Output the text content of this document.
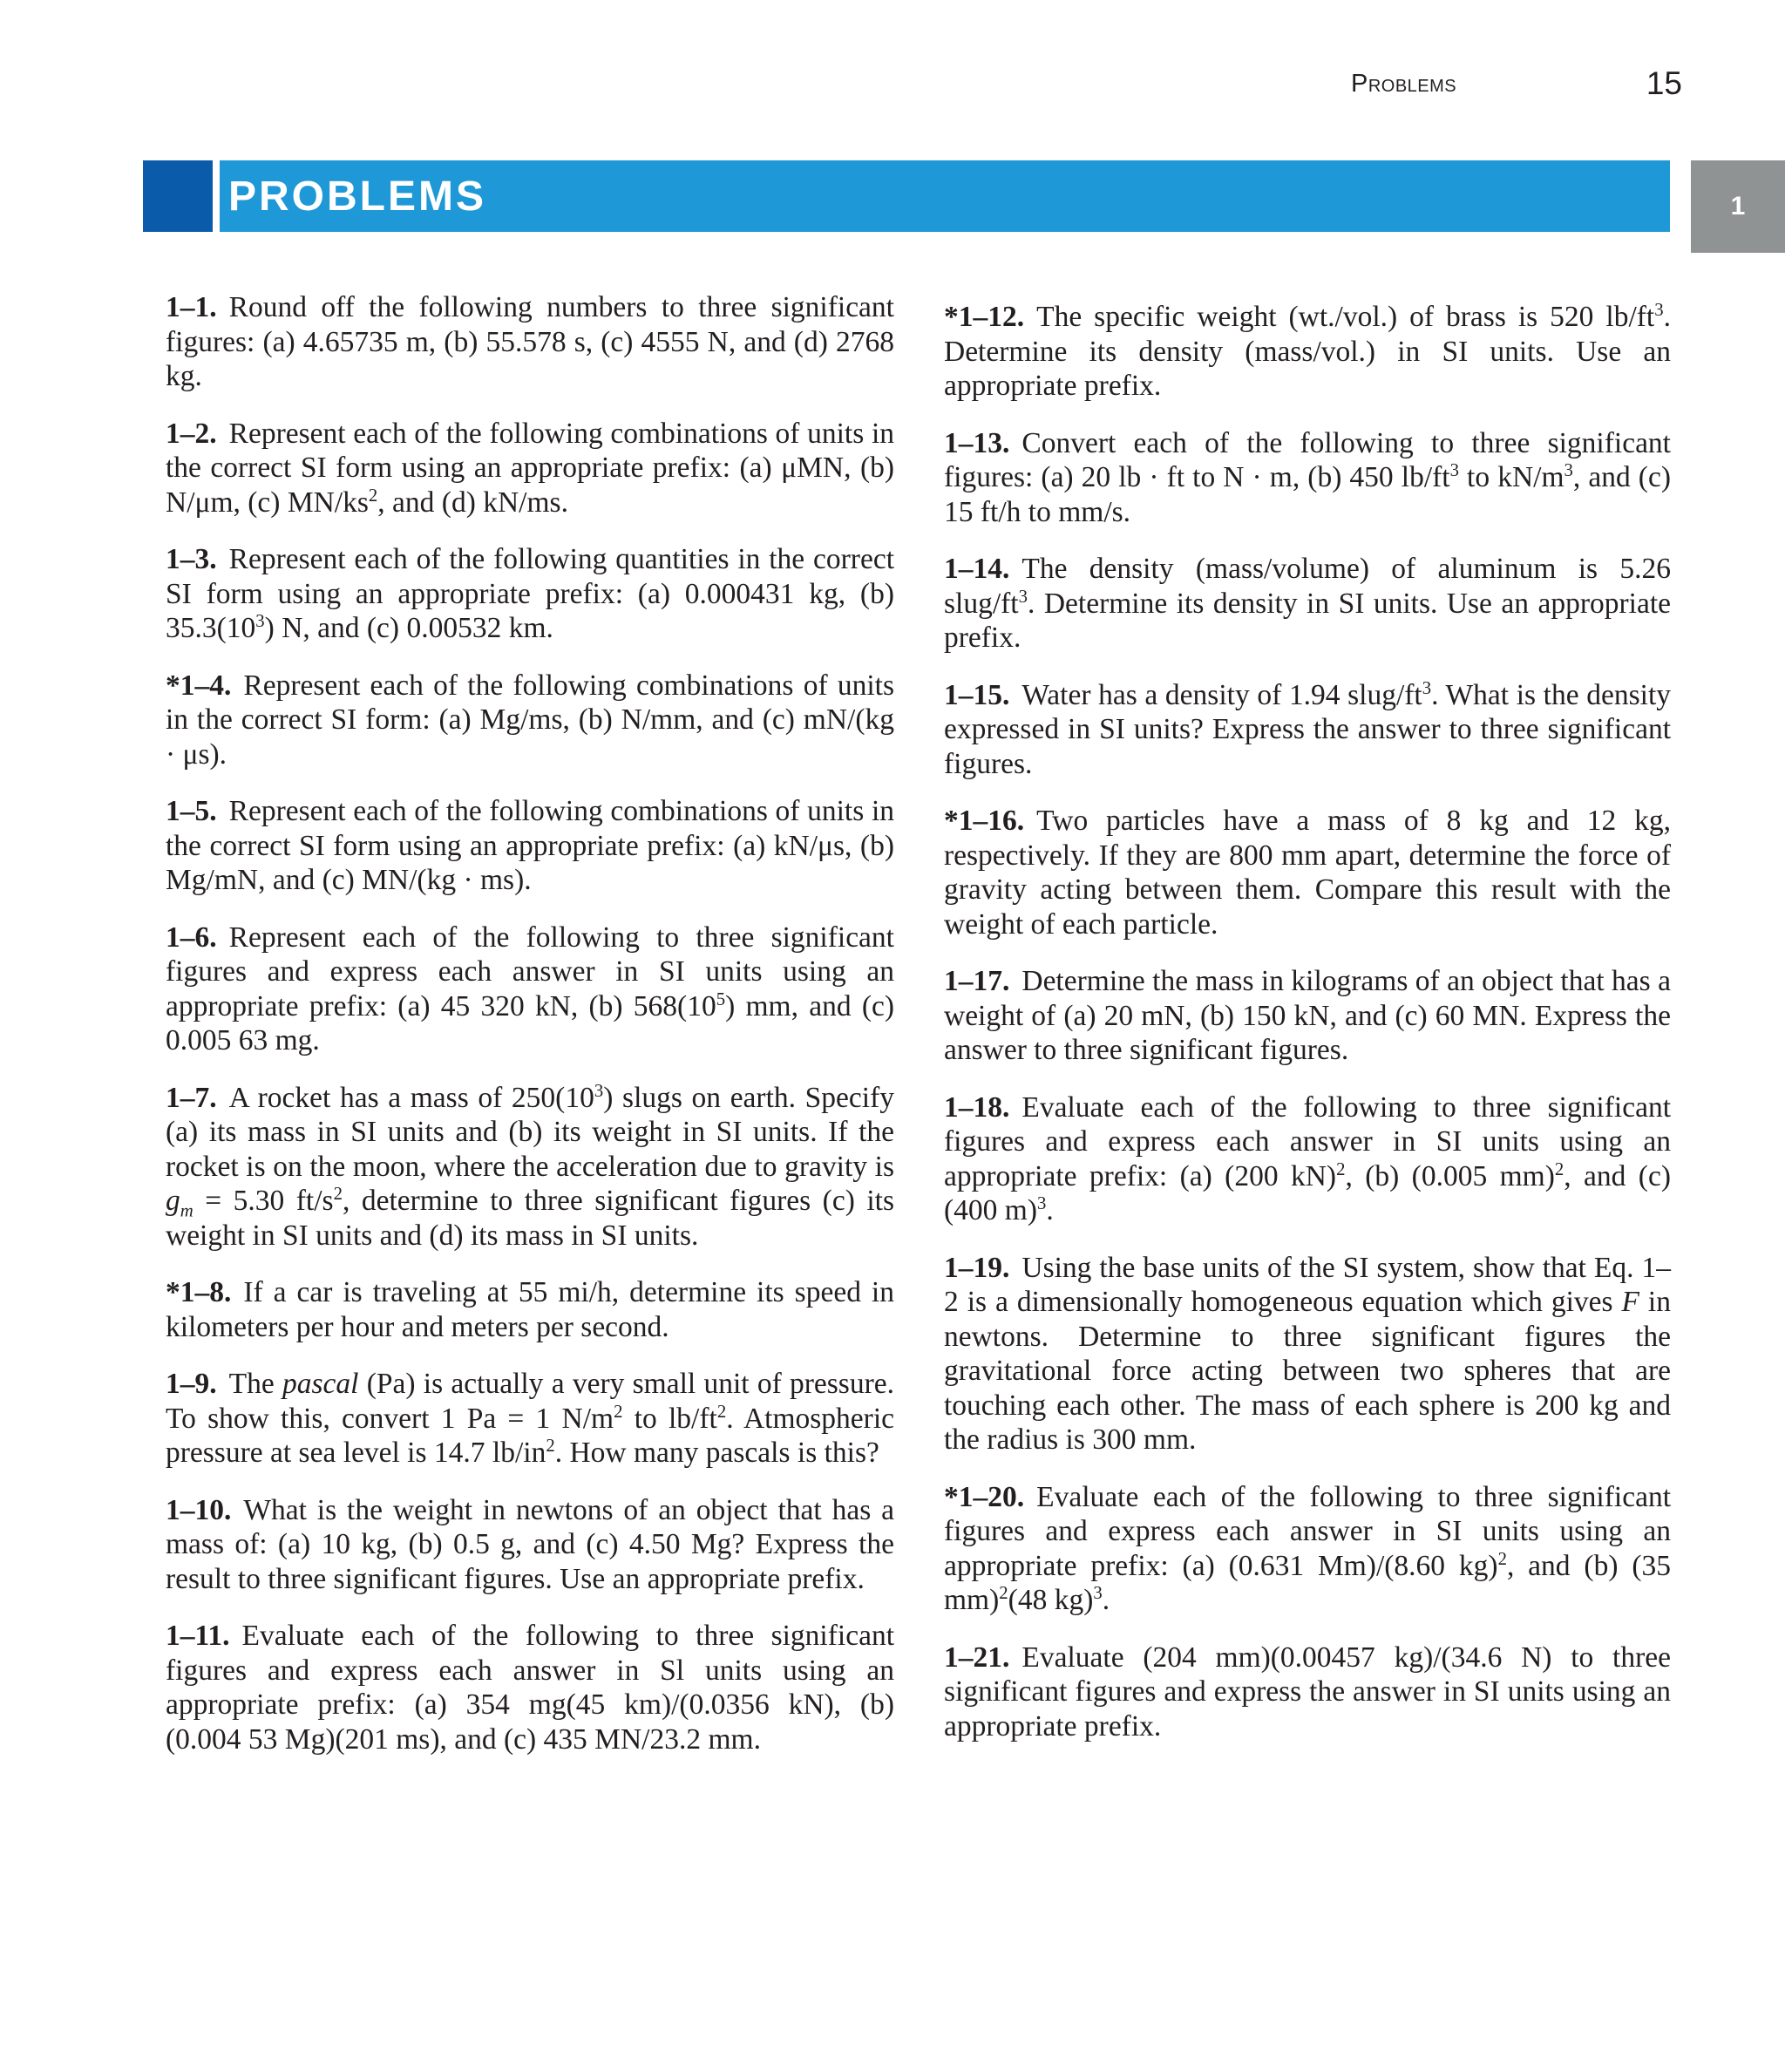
Problems	15
PROBLEMS	1

1–1. Round off the following numbers to three significant figures: (a) 4.65735 m, (b) 55.578 s, (c) 4555 N, and (d) 2768 kg.

1–2. Represent each of the following combinations of units in the correct SI form using an appropriate prefix: (a) μMN, (b) N/μm, (c) $MN/ks^2$, and (d) kN/ms.

1–3. Represent each of the following quantities in the correct SI form using an appropriate prefix: (a) 0.000431 kg, (b) $35.3(10^3)$ N, and (c) 0.00532 km.

*1–4. Represent each of the following combinations of units in the correct SI form: (a) Mg/ms, (b) N/mm, and (c) mN/(kg · μs).

1–5. Represent each of the following combinations of units in the correct SI form using an appropriate prefix: (a) kN/μs, (b) Mg/mN, and (c) MN/(kg · ms).

1–6. Represent each of the following to three significant figures and express each answer in SI units using an appropriate prefix: (a) 45 320 kN, (b) $568(10^5)$ mm, and (c) 0.005 63 mg.

1–7. A rocket has a mass of $250(10^3)$ slugs on earth. Specify (a) its mass in SI units and (b) its weight in SI units. If the rocket is on the moon, where the acceleration due to gravity is $g_m = 5.30$ $ft/s^2$, determine to three significant figures (c) its weight in SI units and (d) its mass in SI units.

*1–8. If a car is traveling at 55 mi/h, determine its speed in kilometers per hour and meters per second.

1–9. The pascal (Pa) is actually a very small unit of pressure. To show this, convert 1 Pa = 1 $N/m^2$ to $lb/ft^2$. Atmospheric pressure at sea level is 14.7 $lb/in^2$. How many pascals is this?

1–10. What is the weight in newtons of an object that has a mass of: (a) 10 kg, (b) 0.5 g, and (c) 4.50 Mg? Express the result to three significant figures. Use an appropriate prefix.

1–11. Evaluate each of the following to three significant figures and express each answer in Sl units using an appropriate prefix: (a) 354 mg(45 km)/(0.0356 kN), (b) (0.004 53 Mg)(201 ms), and (c) 435 MN/23.2 mm.

*1–12. The specific weight (wt./vol.) of brass is 520 $lb/ft^3$. Determine its density (mass/vol.) in SI units. Use an appropriate prefix.

1–13. Convert each of the following to three significant figures: (a) 20 lb · ft to N · m, (b) 450 $lb/ft^3$ to $kN/m^3$, and (c) 15 ft/h to mm/s.

1–14. The density (mass/volume) of aluminum is 5.26 slug/$ft^3$. Determine its density in SI units. Use an appropriate prefix.

1–15. Water has a density of 1.94 slug/$ft^3$. What is the density expressed in SI units? Express the answer to three significant figures.

*1–16. Two particles have a mass of 8 kg and 12 kg, respectively. If they are 800 mm apart, determine the force of gravity acting between them. Compare this result with the weight of each particle.

1–17. Determine the mass in kilograms of an object that has a weight of (a) 20 mN, (b) 150 kN, and (c) 60 MN. Express the answer to three significant figures.

1–18. Evaluate each of the following to three significant figures and express each answer in SI units using an appropriate prefix: (a) (200 kN)$^2$, (b) (0.005 mm)$^2$, and (c) (400 m)$^3$.

1–19. Using the base units of the SI system, show that Eq. 1–2 is a dimensionally homogeneous equation which gives F in newtons. Determine to three significant figures the gravitational force acting between two spheres that are touching each other. The mass of each sphere is 200 kg and the radius is 300 mm.

*1–20. Evaluate each of the following to three significant figures and express each answer in SI units using an appropriate prefix: (a) (0.631 Mm)/(8.60 kg)$^2$, and (b) (35 mm)$^2$(48 kg)$^3$.

1–21. Evaluate (204 mm)(0.00457 kg)/(34.6 N) to three significant figures and express the answer in SI units using an appropriate prefix.
